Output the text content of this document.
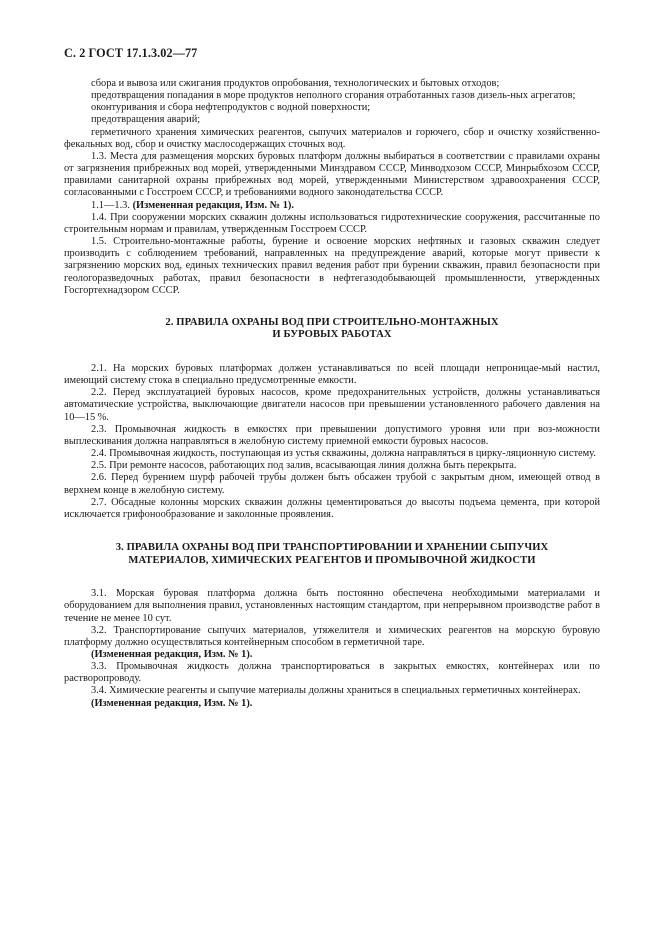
С. 2 ГОСТ 17.1.3.02—77

сбора и вывоза или сжигания продуктов опробования, технологических и бытовых отходов;

предотвращения попадания в море продуктов неполного сгорания отработанных газов дизель-ных агрегатов;

оконтуривания и сбора нефтепродуктов с водной поверхности;

предотвращения аварий;

герметичного хранения химических реагентов, сыпучих материалов и горючего, сбор и очистку хозяйственно-фекальных вод, сбор и очистку маслосодержащих сточных вод.

1.3. Места для размещения морских буровых платформ должны выбираться в соответствии с правилами охраны от загрязнения прибрежных вод морей, утвержденными Минздравом СССР, Минводхозом СССР, Минрыбхозом СССР, правилами санитарной охраны прибрежных вод морей, утвержденными Министерством здравоохранения СССР, согласованными с Госстроем СССР, и требованиями водного законодательства СССР.

1.1—1.3. (Измененная редакция, Изм. № 1).

1.4. При сооружении морских скважин должны использоваться гидротехнические сооружения, рассчитанные по строительным нормам и правилам, утвержденным Госстроем СССР.

1.5. Строительно-монтажные работы, бурение и освоение морских нефтяных и газовых скважин следует производить с соблюдением требований, направленных на предупреждение аварий, которые могут привести к загрязнению морских вод, единых технических правил ведения работ при бурении скважин, правил безопасности при геологоразведочных работах, правил безопасности в нефтегазодобывающей промышленности, утвержденных Госгортехнадзором СССР.

2. ПРАВИЛА ОХРАНЫ ВОД ПРИ СТРОИТЕЛЬНО-МОНТАЖНЫХ
И БУРОВЫХ РАБОТАХ

2.1. На морских буровых платформах должен устанавливаться по всей площади непроницае-мый настил, имеющий систему стока в специально предусмотренные емкости.

2.2. Перед эксплуатацией буровых насосов, кроме предохранительных устройств, должны устанавливаться автоматические устройства, выключающие двигатели насосов при превышении установленного рабочего давления на 10—15 %.

2.3. Промывочная жидкость в емкостях при превышении допустимого уровня или при воз-можности выплескивания должна направляться в желобную систему приемной емкости буровых насосов.

2.4. Промывочная жидкость, поступающая из устья скважины, должна направляться в цирку-ляционную систему.

2.5. При ремонте насосов, работающих под залив, всасывающая линия должна быть перекрыта.

2.6. Перед бурением шурф рабочей трубы должен быть обсажен трубой с закрытым дном, имеющей отвод в верхнем конце в желобную систему.

2.7. Обсадные колонны морских скважин должны цементироваться до высоты подъема цемента, при которой исключается грифонообразование и заколонные проявления.

3. ПРАВИЛА ОХРАНЫ ВОД ПРИ ТРАНСПОРТИРОВАНИИ И ХРАНЕНИИ СЫПУЧИХ
МАТЕРИАЛОВ, ХИМИЧЕСКИХ РЕАГЕНТОВ И ПРОМЫВОЧНОЙ ЖИДКОСТИ

3.1. Морская буровая платформа должна быть постоянно обеспечена необходимыми материалами и оборудованием для выполнения правил, установленных настоящим стандартом, при непрерывном производстве работ в течение не менее 10 сут.

3.2. Транспортирование сыпучих материалов, утяжелителя и химических реагентов на морскую буровую платформу должно осуществляться контейнерным способом в герметичной таре.

(Измененная редакция, Изм. № 1).

3.3. Промывочная жидкость должна транспортироваться в закрытых емкостях, контейнерах или по растворопроводу.

3.4. Химические реагенты и сыпучие материалы должны храниться в специальных герметичных контейнерах.

(Измененная редакция, Изм. № 1).
